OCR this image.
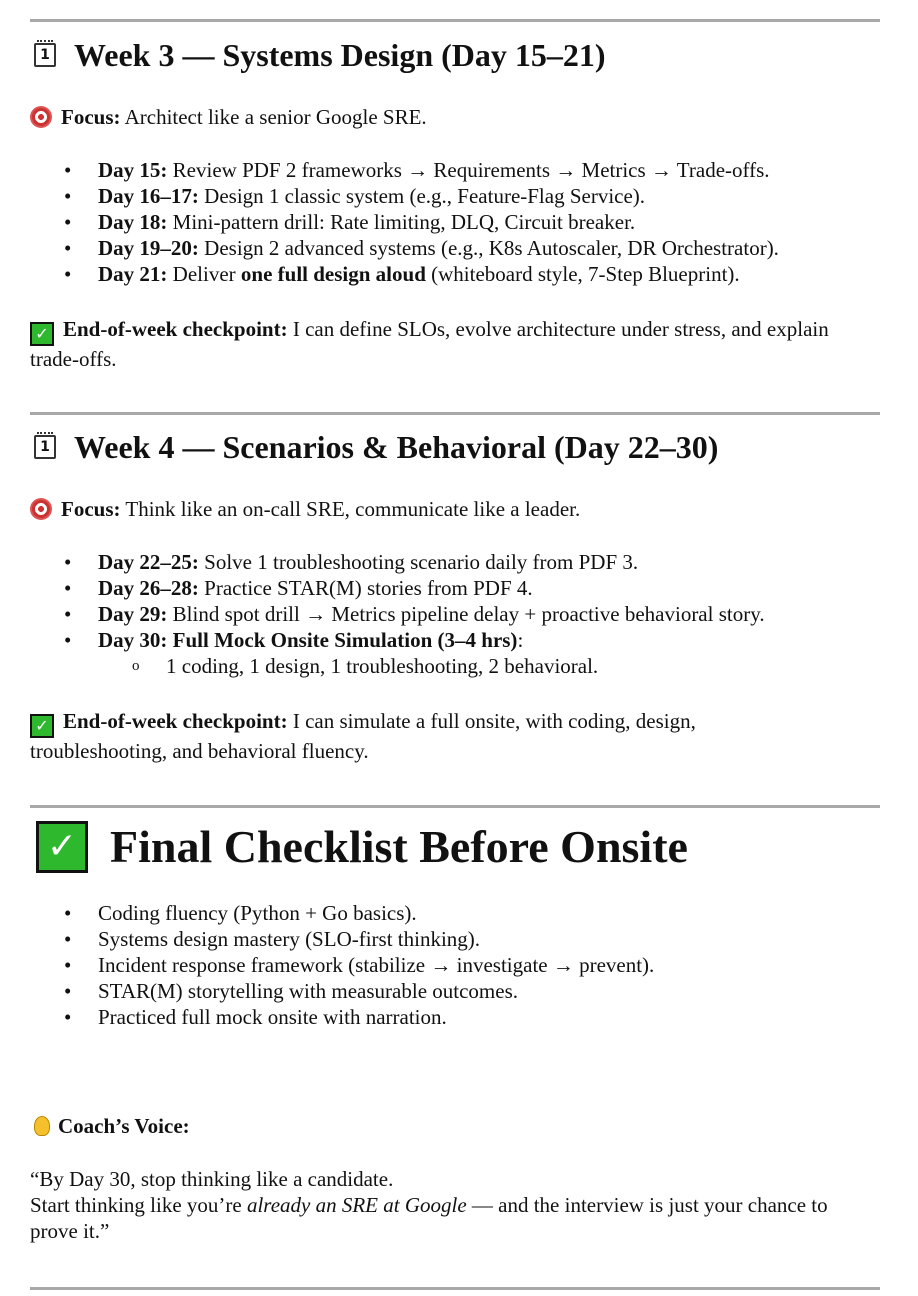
1 Week 3 — Systems Design (Day 15–21)
Focus: Architect like a senior Google SRE.
• Day 15: Review PDF 2 frameworks → Requirements → Metrics → Trade-offs.
• Day 16–17: Design 1 classic system (e.g., Feature-Flag Service).
• Day 18: Mini-pattern drill: Rate limiting, DLQ, Circuit breaker.
• Day 19–20: Design 2 advanced systems (e.g., K8s Autoscaler, DR Orchestrator).
• Day 21: Deliver one full design aloud (whiteboard style, 7-Step Blueprint).
✓ End-of-week checkpoint: I can define SLOs, evolve architecture under stress, and explain trade-offs.
1 Week 4 — Scenarios & Behavioral (Day 22–30)
Focus: Think like an on-call SRE, communicate like a leader.
• Day 22–25: Solve 1 troubleshooting scenario daily from PDF 3.
• Day 26–28: Practice STAR(M) stories from PDF 4.
• Day 29: Blind spot drill → Metrics pipeline delay + proactive behavioral story.
• Day 30: Full Mock Onsite Simulation (3–4 hrs):
o 1 coding, 1 design, 1 troubleshooting, 2 behavioral.
✓ End-of-week checkpoint: I can simulate a full onsite, with coding, design, troubleshooting, and behavioral fluency.
✓ Final Checklist Before Onsite
• Coding fluency (Python + Go basics).
• Systems design mastery (SLO-first thinking).
• Incident response framework (stabilize → investigate → prevent).
• STAR(M) storytelling with measurable outcomes.
• Practiced full mock onsite with narration.
Coach’s Voice:
“By Day 30, stop thinking like a candidate.
Start thinking like you’re already an SRE at Google — and the interview is just your chance to prove it.”
